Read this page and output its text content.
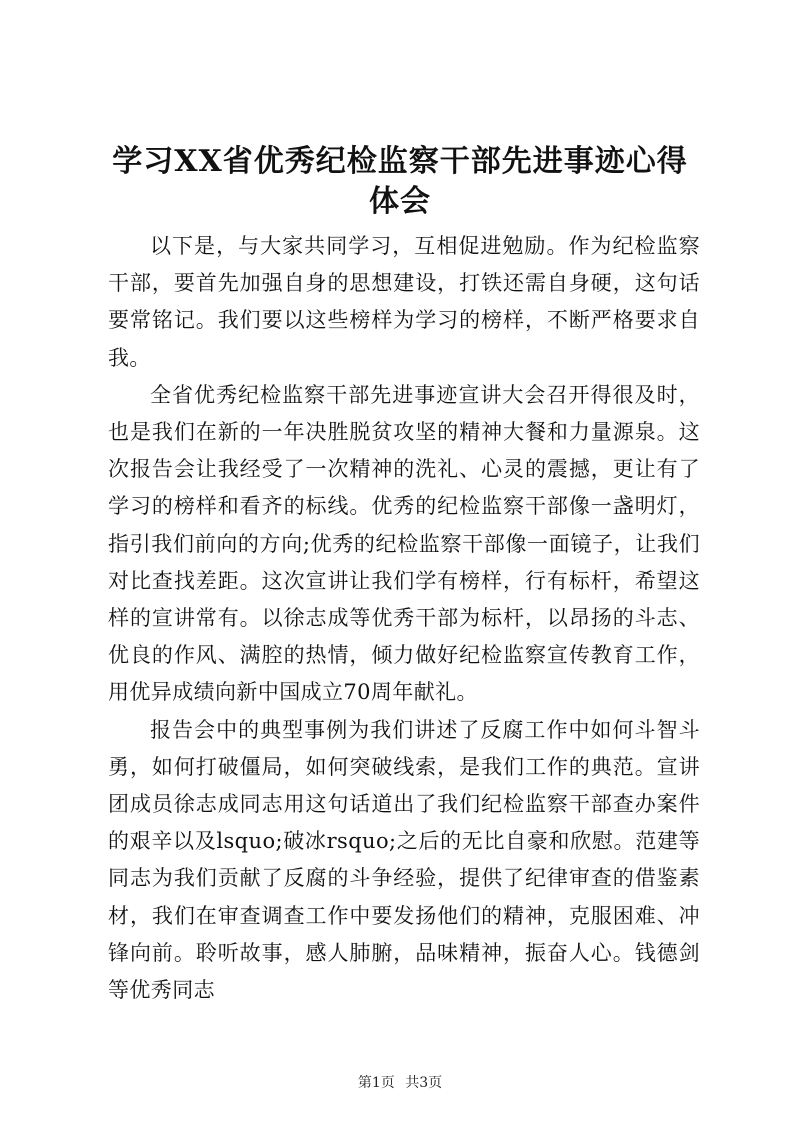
学习XX省优秀纪检监察干部先进事迹心得体会

以下是，与大家共同学习，互相促进勉励。作为纪检监察干部，要首先加强自身的思想建设，打铁还需自身硬，这句话要常铭记。我们要以这些榜样为学习的榜样，不断严格要求自我。

全省优秀纪检监察干部先进事迹宣讲大会召开得很及时，也是我们在新的一年决胜脱贫攻坚的精神大餐和力量源泉。这次报告会让我经受了一次精神的洗礼、心灵的震撼，更让有了学习的榜样和看齐的标线。优秀的纪检监察干部像一盏明灯，指引我们前向的方向;优秀的纪检监察干部像一面镜子，让我们对比查找差距。这次宣讲让我们学有榜样，行有标杆，希望这样的宣讲常有。以徐志成等优秀干部为标杆，以昂扬的斗志、优良的作风、满腔的热情，倾力做好纪检监察宣传教育工作，用优异成绩向新中国成立70周年献礼。

报告会中的典型事例为我们讲述了反腐工作中如何斗智斗勇，如何打破僵局，如何突破线索，是我们工作的典范。宣讲团成员徐志成同志用这句话道出了我们纪检监察干部查办案件的艰辛以及lsquo;破冰rsquo;之后的无比自豪和欣慰。范建等同志为我们贡献了反腐的斗争经验，提供了纪律审查的借鉴素材，我们在审查调查工作中要发扬他们的精神，克服困难、冲锋向前。聆听故事，感人肺腑，品味精神，振奋人心。钱德剑等优秀同志

第1页 共3页
